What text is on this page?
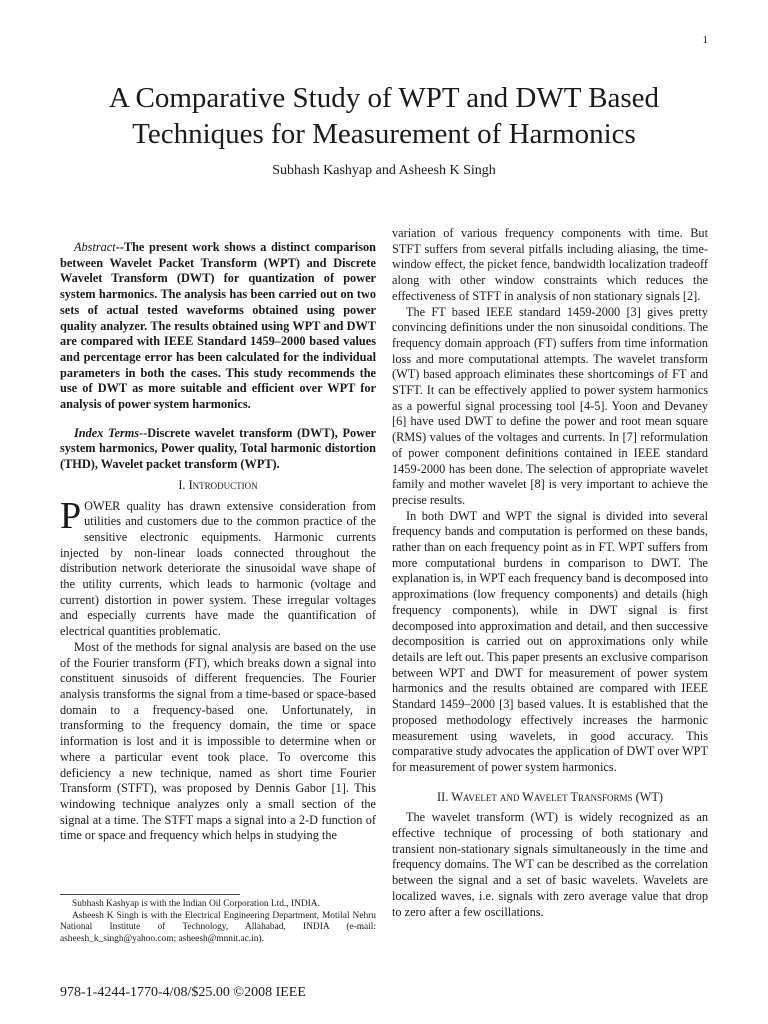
1
A Comparative Study of WPT and DWT Based
Techniques for Measurement of Harmonics
Subhash Kashyap and Asheesh K Singh

Abstract--The present work shows a distinct comparison between Wavelet Packet Transform (WPT) and Discrete Wavelet Transform (DWT) for quantization of power system harmonics. The analysis has been carried out on two sets of actual tested waveforms obtained using power quality analyzer. The results obtained using WPT and DWT are compared with IEEE Standard 1459–2000 based values and percentage error has been calculated for the individual parameters in both the cases. This study recommends the use of DWT as more suitable and efficient over WPT for analysis of power system harmonics.

Index Terms--Discrete wavelet transform (DWT), Power system harmonics, Power quality, Total harmonic distortion (THD), Wavelet packet transform (WPT).

I. Introduction

POWER quality has drawn extensive consideration from utilities and customers due to the common practice of the sensitive electronic equipments. Harmonic currents injected by non-linear loads connected throughout the distribution network deteriorate the sinusoidal wave shape of the utility currents, which leads to harmonic (voltage and current) distortion in power system. These irregular voltages and especially currents have made the quantification of electrical quantities problematic.

Most of the methods for signal analysis are based on the use of the Fourier transform (FT), which breaks down a signal into constituent sinusoids of different frequencies. The Fourier analysis transforms the signal from a time-based or space-based domain to a frequency-based one. Unfortunately, in transforming to the frequency domain, the time or space information is lost and it is impossible to determine when or where a particular event took place. To overcome this deficiency a new technique, named as short time Fourier Transform (STFT), was proposed by Dennis Gabor [1]. This windowing technique analyzes only a small section of the signal at a time. The STFT maps a signal into a 2-D function of time or space and frequency which helps in studying the

variation of various frequency components with time. But STFT suffers from several pitfalls including aliasing, the time-window effect, the picket fence, bandwidth localization tradeoff along with other window constraints which reduces the effectiveness of STFT in analysis of non stationary signals [2].

The FT based IEEE standard 1459-2000 [3] gives pretty convincing definitions under the non sinusoidal conditions. The frequency domain approach (FT) suffers from time information loss and more computational attempts. The wavelet transform (WT) based approach eliminates these shortcomings of FT and STFT. It can be effectively applied to power system harmonics as a powerful signal processing tool [4-5]. Yoon and Devaney [6] have used DWT to define the power and root mean square (RMS) values of the voltages and currents. In [7] reformulation of power component definitions contained in IEEE standard 1459-2000 has been done. The selection of appropriate wavelet family and mother wavelet [8] is very important to achieve the precise results.

In both DWT and WPT the signal is divided into several frequency bands and computation is performed on these bands, rather than on each frequency point as in FT. WPT suffers from more computational burdens in comparison to DWT. The explanation is, in WPT each frequency band is decomposed into approximations (low frequency components) and details (high frequency components), while in DWT signal is first decomposed into approximation and detail, and then successive decomposition is carried out on approximations only while details are left out. This paper presents an exclusive comparison between WPT and DWT for measurement of power system harmonics and the results obtained are compared with IEEE Standard 1459–2000 [3] based values. It is established that the proposed methodology effectively increases the harmonic measurement using wavelets, in good accuracy. This comparative study advocates the application of DWT over WPT for measurement of power system harmonics.

II. Wavelet and Wavelet Transforms (WT)

The wavelet transform (WT) is widely recognized as an effective technique of processing of both stationary and transient non-stationary signals simultaneously in the time and frequency domains. The WT can be described as the correlation between the signal and a set of basic wavelets. Wavelets are localized waves, i.e. signals with zero average value that drop to zero after a few oscillations.

Subhash Kashyap is with the Indian Oil Corporation Ltd., INDIA.

Asheesh K Singh is with the Electrical Engineering Department, Motilal Nehru National Institute of Technology, Allahabad, INDIA (e-mail: asheesh_k_singh@yahoo.com; asheesh@mnnit.ac.in).

978-1-4244-1770-4/08/$25.00 ©2008 IEEE
